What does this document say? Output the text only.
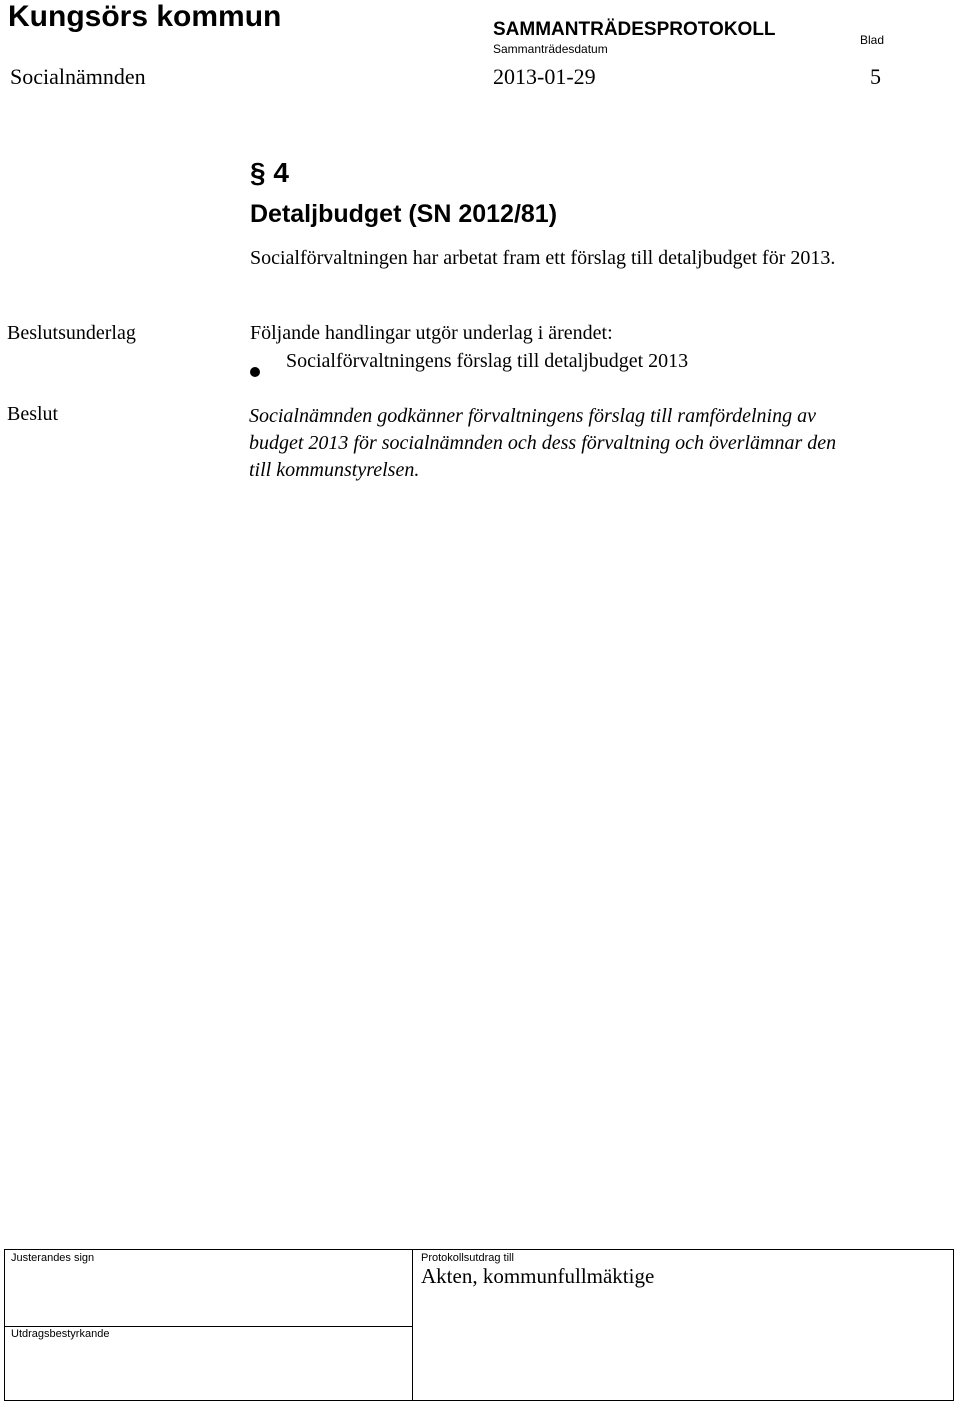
Kungsörs kommun	SAMMANTRÄDESPROTOKOLL
Sammanträdesdatum
Blad
Socialnämnden	2013-01-29	5
§ 4
Detaljbudget (SN 2012/81)
Socialförvaltningen har arbetat fram ett förslag till detaljbudget för 2013.
Beslutsunderlag	Följande handlingar utgör underlag i ärendet:
Socialförvaltningens förslag till detaljbudget 2013
Beslut	Socialnämnden godkänner förvaltningens förslag till ramfördelning av budget 2013 för socialnämnden och dess förvaltning och överlämnar den till kommunstyrelsen.
Justerandes sign	Protokollsutdrag till
Akten, kommunfullmäktige
Utdragsbestyrkande
